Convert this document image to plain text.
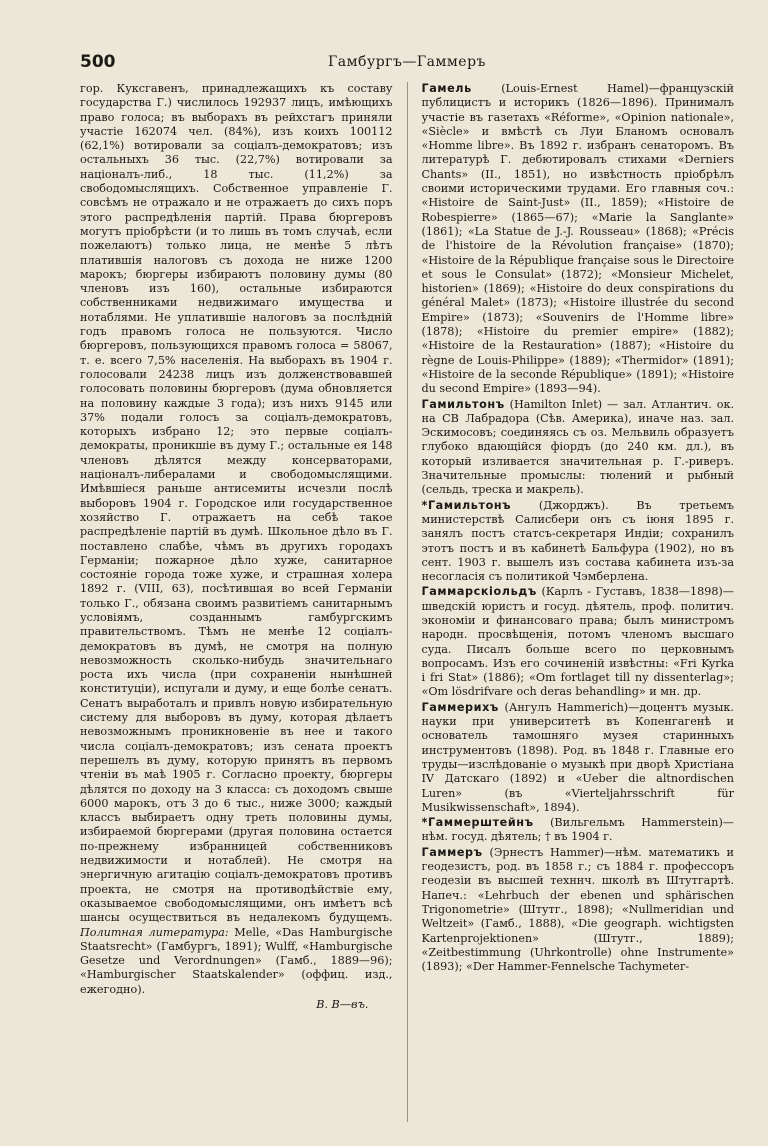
500	Гамбургъ—Гаммеръ

гор. Куксгавенъ, принадлежащихъ къ составу государства Г.) числилось 192937 лицъ, имѣющихъ право голоса; въ выборахъ въ рейхстагъ приняли участіе 162074 чел. (84%), изъ коихъ 100112 (62,1%) вотировали за соціалъ-демократовъ; изъ остальныхъ 36 тыс. (22,7%) вотировали за націоналъ-либ., 18 тыс. (11,2%) за свободомыслящихъ. Собственное управленіе Г. совсѣмъ не отражало и не отражаетъ до сихъ поръ этого распредѣленія партій. Права бюргеровъ могутъ пріобрѣсти (и то лишь въ томъ случаѣ, если пожелаютъ) только лица, не менѣе 5 лѣтъ платившія налоговъ съ дохода не ниже 1200 марокъ; бюргеры избираютъ половину думы (80 членовъ изъ 160), остальные избираются собственниками недвижимаго имущества и нотаблями. Не уплатившіе налоговъ за послѣдній годъ правомъ голоса не пользуются. Число бюргеровъ, пользующихся правомъ голоса = 58067, т. е. всего 7,5% населенія. На выборахъ въ 1904 г. голосовали 24238 лицъ изъ долженствовавшей голосовать половины бюргеровъ (дума обновляется на половину каждые 3 года); изъ нихъ 9145 или 37% подали голосъ за соціалъ-демократовъ, которыхъ избрано 12; это первые соціалъ-демократы, проникшіе въ думу Г.; остальные ея 148 членовъ дѣлятся между консерваторами, націоналъ-либералами и свободомыслящими. Имѣвшіеся раньше антисемиты исчезли послѣ выборовъ 1904 г. Городское или государственное хозяйство Г. отражаетъ на себѣ такое распредѣленіе партій въ думѣ. Школьное дѣло въ Г. поставлено слабѣе, чѣмъ въ другихъ городахъ Германіи; пожарное дѣло хуже, санитарное состояніе города тоже хуже, и страшная холера 1892 г. (VIII, 63), посѣтившая во всей Германіи только Г., обязана своимъ развитіемъ санитарнымъ условіямъ, созданнымъ гамбургскимъ правительствомъ. Тѣмъ не менѣе 12 соціалъ-демократовъ въ думѣ, не смотря на полную невозможность сколько-нибудь значительнаго роста ихъ числа (при сохраненіи нынѣшней конституціи), испугали и думу, и еще болѣе сенатъ. Сенатъ выработалъ и привлъ новую избирательную систему для выборовъ въ думу, которая дѣлаетъ невозможнымъ проникновеніе въ нее и такого числа соціалъ-демократовъ; изъ сената проектъ перешелъ въ думу, которую принятъ въ первомъ чтеніи въ маѣ 1905 г. Согласно проекту, бюргеры дѣлятся по доходу на 3 класса: съ доходомъ свыше 6000 марокъ, отъ 3 до 6 тыс., ниже 3000; каждый классъ выбираетъ одну треть половины думы, избираемой бюргерами (другая половина остается по-прежнему избранницей собственниковъ недвижимости и нотаблей). Не смотря на энергичную агитацію соціалъ-демократовъ противъ проекта, не смотря на противодѣйствіе ему, оказываемое свободомыслящими, онъ имѣетъ всѣ шансы осуществиться въ недалекомъ будущемъ. Политная литература: Melle, «Das Hamburgische Staatsrecht» (Гамбургъ, 1891); Wulff, «Hamburgische Gesetze und Verordnungen» (Гамб., 1889—96); «Hamburgischer Staatskalender» (оффиц. изд., ежегодно).

В. В—въ.

Гамель	(Louis-Ernest Hamel)—французскій публицистъ и историкъ (1826—1896). Принималъ участіе въ газетахъ «Réforme», «Opinion nationale», «Siècle» и вмѣстѣ съ Луи Бланомъ основалъ «Homme libre». Въ 1892 г. избранъ сенаторомъ. Въ литературѣ Г. дебютировалъ стихами «Derniers Chants» (II., 1851), но извѣстность пріобрѣлъ своими историческими трудами. Его главныя соч.: «Histoire de Saint-Just» (II., 1859); «Histoire de Robespierre» (1865—67); «Marie la Sanglante» (1861); «La Statue de J.-J. Rousseau» (1868); «Précis de l'histoire de la Révolution française» (1870); «Histoire de la République française sous le Directoire et sous le Consulat» (1872); «Monsieur Michelet, historien» (1869); «Histoire do deux conspirations du général Malet» (1873); «Histoire illustrée du second Empire» (1873); «Souvenirs de l'Homme libre» (1878); «Histoire du premier empire» (1882); «Histoire de la Restauration» (1887); «Histoire du règne de Louis-Philippe» (1889); «Thermidor» (1891); «Histoire de la seconde République» (1891); «Histoire du second Empire» (1893—94).

Гамильтонъ (Hamilton Inlet) — зал. Атлантич. ок. на СВ Лабрадора (Сѣв. Америка), иначе наз. зал. Эскимосовъ; соединяясь съ оз. Мельвиль образуетъ глубоко вдающійся фіордъ (до 240 км. дл.), въ который изливается значительная р. Г.-риверъ. Значительные промыслы: тюлений и рыбный (сельдь, треска и макрель).

*Гамильтонъ (Джорджъ). Въ третьемъ министерствѣ Салисбери онъ съ іюня 1895 г. занялъ постъ статсъ-секретаря Индіи; сохранилъ этотъ постъ и въ кабинетѣ Бальфура (1902), но въ сент. 1903 г. вышелъ изъ состава кабинета изъ-за несогласія съ политикой Чэмберлена.

Гаммарскіольдъ (Карлъ - Густавъ, 1838—1898)—шведскій юристъ и госуд. дѣятель, проф. политич. экономіи и финансоваго права; былъ министромъ народн. просвѣщенія, потомъ членомъ высшаго суда. Писалъ больше всего по церковнымъ вопросамъ. Изъ его сочиненій извѣстны: «Fri Kyrka i fri Stat» (1886); «Om fortlaget till ny dissenterlag»; «Om lösdrifvare och deras behandling» и мн. др.

Гаммерихъ (Ангулъ Hammerich)—доцентъ музык. науки при университетѣ въ Копенгагенѣ и основатель тамошняго музея старинныхъ инструментовъ (1898). Род. въ 1848 г. Главные его труды—изслѣдованіе о музыкѣ при дворѣ Христіана IV Датскаго (1892) и «Ueber die altnordischen Luren» (въ «Vierteljahrsschrift für Musikwissenschaft», 1894).

*Гаммерштейнъ (Вильгельмъ Hammerstein)—нѣм. госуд. дѣятель; † въ 1904 г.

Гаммеръ (Эрнестъ Hammer)—нѣм. математикъ и геодезистъ, род. въ 1858 г.; съ 1884 г. профессоръ геодезіи въ высшей техннч. школѣ въ Штутгартѣ. Напеч.: «Lehrbuch der ebenen und sphärischen Trigonometrie» (Штутг., 1898); «Nullmeridian und Weltzeit» (Гамб., 1888), «Die geograph. wichtigsten Kartenprojektionen» (Штутг., 1889); «Zeitbestimmung (Uhrkontrolle) ohne Instrumente» (1893); «Der Hammer-Fennelsche Tachymeter-
